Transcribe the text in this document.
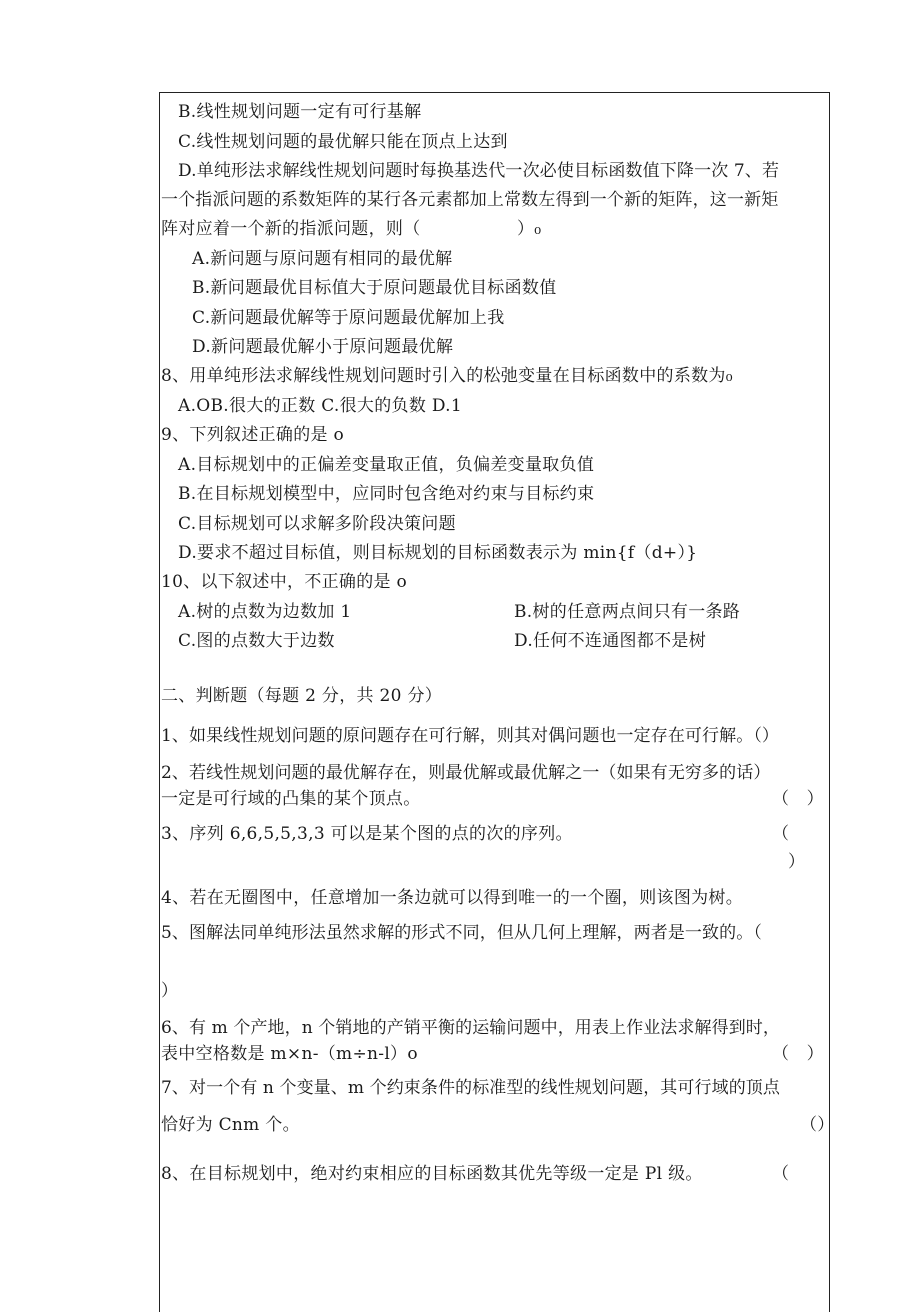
B.线性规划问题一定有可行基解
C.线性规划问题的最优解只能在顶点上达到
D.单纯形法求解线性规划问题时每换基迭代一次必使目标函数值下降一次 7、若
一个指派问题的系数矩阵的某行各元素都加上常数左得到一个新的矩阵，这一新矩
阵对应着一个新的指派问题，则（	）₀
A.新问题与原问题有相同的最优解
B.新问题最优目标值大于原问题最优目标函数值
C.新问题最优解等于原问题最优解加上我
D.新问题最优解小于原问题最优解
8、用单纯形法求解线性规划问题时引入的松弛变量在目标函数中的系数为₀
A.OB.很大的正数 C.很大的负数 D.1
9、下列叙述正确的是 o
A.目标规划中的正偏差变量取正值，负偏差变量取负值
B.在目标规划模型中，应同时包含绝对约束与目标约束
C.目标规划可以求解多阶段决策问题
D.要求不超过目标值，则目标规划的目标函数表示为 min{f（d+）}
10、以下叙述中，不正确的是 o
A.树的点数为边数加 1	B.树的任意两点间只有一条路
C.图的点数大于边数	D.任何不连通图都不是树
二、判断题（每题 2 分，共 20 分）
1、如果线性规划问题的原问题存在可行解，则其对偶问题也一定存在可行解。（）
2、若线性规划问题的最优解存在，则最优解或最优解之一（如果有无穷多的话）
一定是可行域的凸集的某个顶点。	（　）
3、序列 6,6,5,5,3,3 可以是某个图的点的次的序列。	（
）
4、若在无圈图中，任意增加一条边就可以得到唯一的一个圈，则该图为树。
5、图解法同单纯形法虽然求解的形式不同，但从几何上理解，两者是一致的。（
）
6、有 m 个产地，n 个销地的产销平衡的运输问题中，用表上作业法求解得到时，
表中空格数是 m×n-（m÷n-l）o	（　）
7、对一个有 n 个变量、m 个约束条件的标准型的线性规划问题，其可行域的顶点
恰好为 Cnm 个。	（）
8、在目标规划中，绝对约束相应的目标函数其优先等级一定是 Pl 级。	（
